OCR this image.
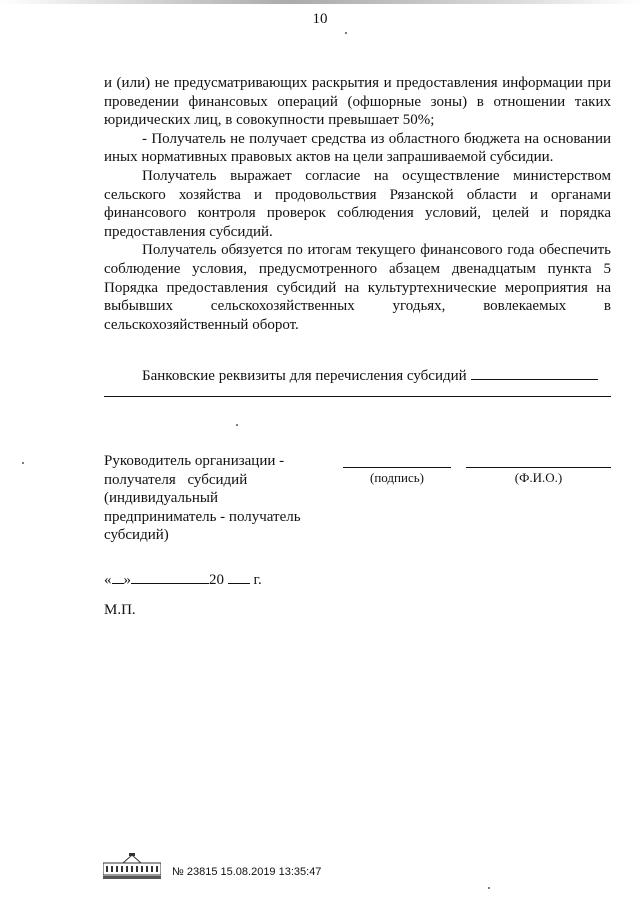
10

и (или) не предусматривающих раскрытия и предоставления информации при проведении финансовых операций (офшорные зоны) в отношении таких юридических лиц, в совокупности превышает 50%;

- Получатель не получает средства из областного бюджета на основании иных нормативных правовых актов на цели запрашиваемой субсидии.

Получатель выражает согласие на осуществление министерством сельского хозяйства и продовольствия Рязанской области и органами финансового контроля проверок соблюдения условий, целей и порядка предоставления субсидий.

Получатель обязуется по итогам текущего финансового года обеспечить соблюдение условия, предусмотренного абзацем двенадцатым пункта 5 Порядка предоставления субсидий на культуртехнические мероприятия на выбывших сельскохозяйственных угодьях, вовлекаемых в сельскохозяйственный оборот.

Банковские реквизиты для перечисления субсидий
Руководитель организации -
получателя субсидий
(индивидуальный
предприниматель - получатель
субсидий)
(подпись)	(Ф.И.О.)
« »	20 г.
М.П.
№ 23815 15.08.2019 13:35:47
